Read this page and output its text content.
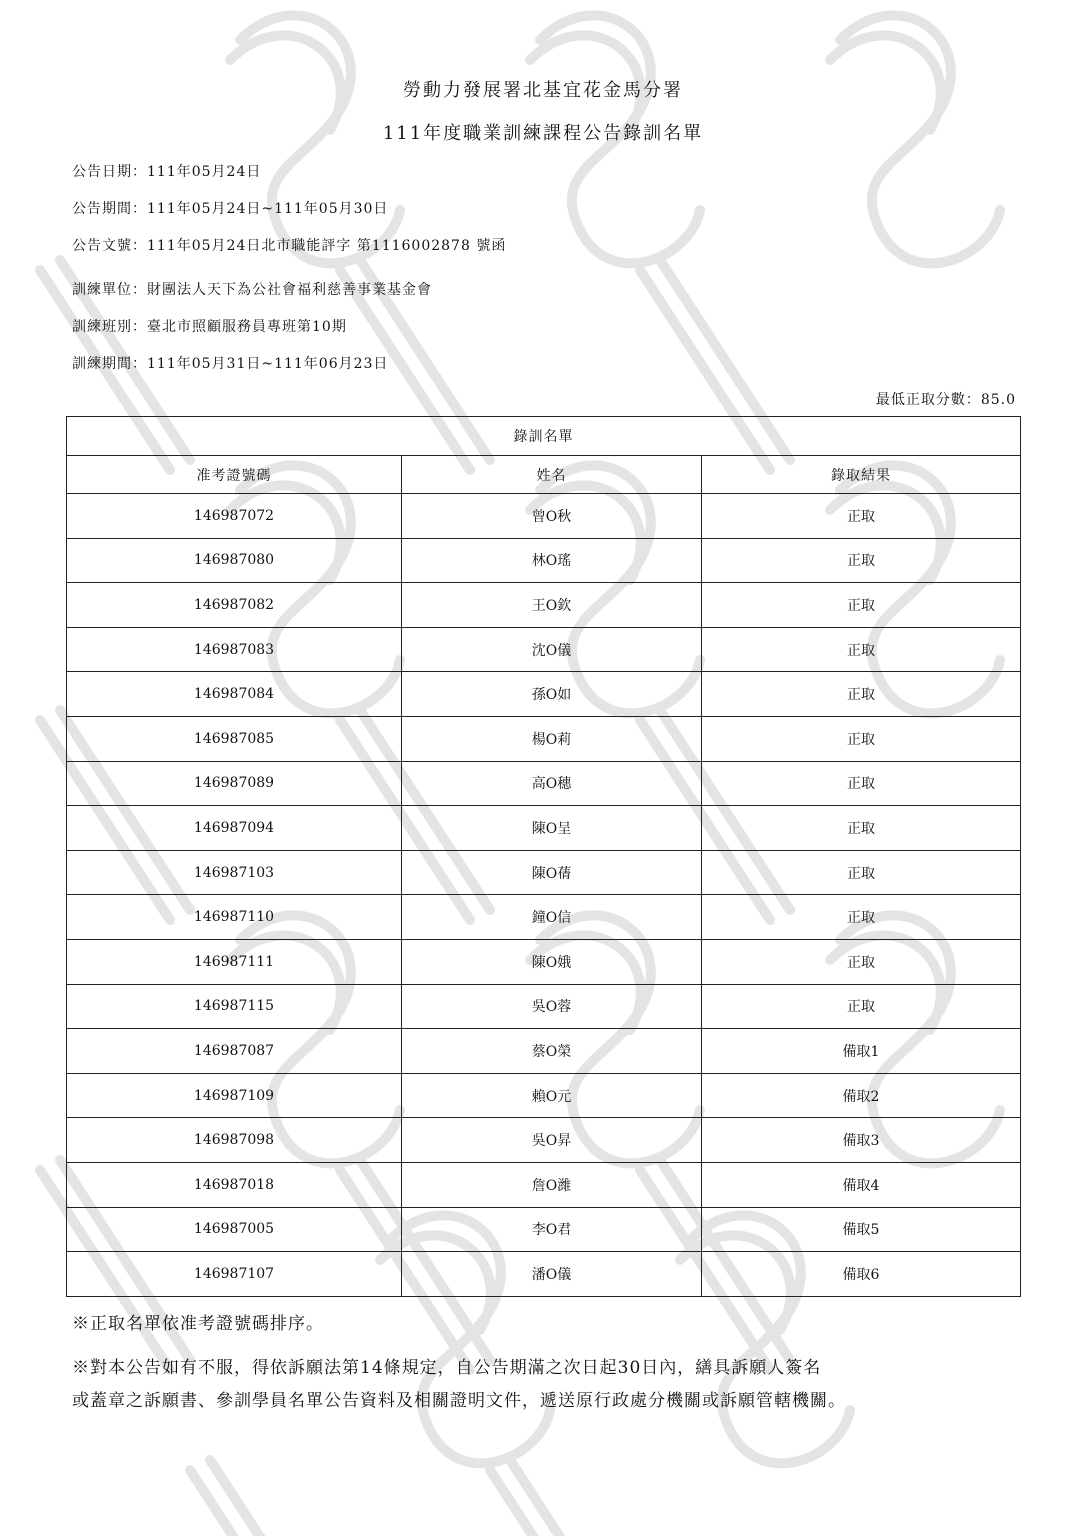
勞動力發展署北基宜花金馬分署
111年度職業訓練課程公告錄訓名單
公告日期：111年05月24日
公告期間：111年05月24日~111年05月30日
公告文號：111年05月24日北市職能評字 第1116002878 號函
訓練單位：財團法人天下為公社會福利慈善事業基金會
訓練班別：臺北市照顧服務員專班第10期
訓練期間：111年05月31日~111年06月23日
最低正取分數：85.0
錄訓名單		
准考證號碼	姓名	錄取結果
146987072	曾O秋	正取
146987080	林O瑤	正取
146987082	王O欽	正取
146987083	沈O儀	正取
146987084	孫O如	正取
146987085	楊O莉	正取
146987089	高O穗	正取
146987094	陳O呈	正取
146987103	陳O蒨	正取
146987110	鐘O信	正取
146987111	陳O娥	正取
146987115	吳O蓉	正取
146987087	蔡O榮	備取1
146987109	賴O元	備取2
146987098	吳O昇	備取3
146987018	詹O濰	備取4
146987005	李O君	備取5
146987107	潘O儀	備取6
※正取名單依准考證號碼排序。
※對本公告如有不服，得依訴願法第14條規定，自公告期滿之次日起30日內，繕具訴願人簽名
或蓋章之訴願書、參訓學員名單公告資料及相關證明文件，遞送原行政處分機關或訴願管轄機關。
